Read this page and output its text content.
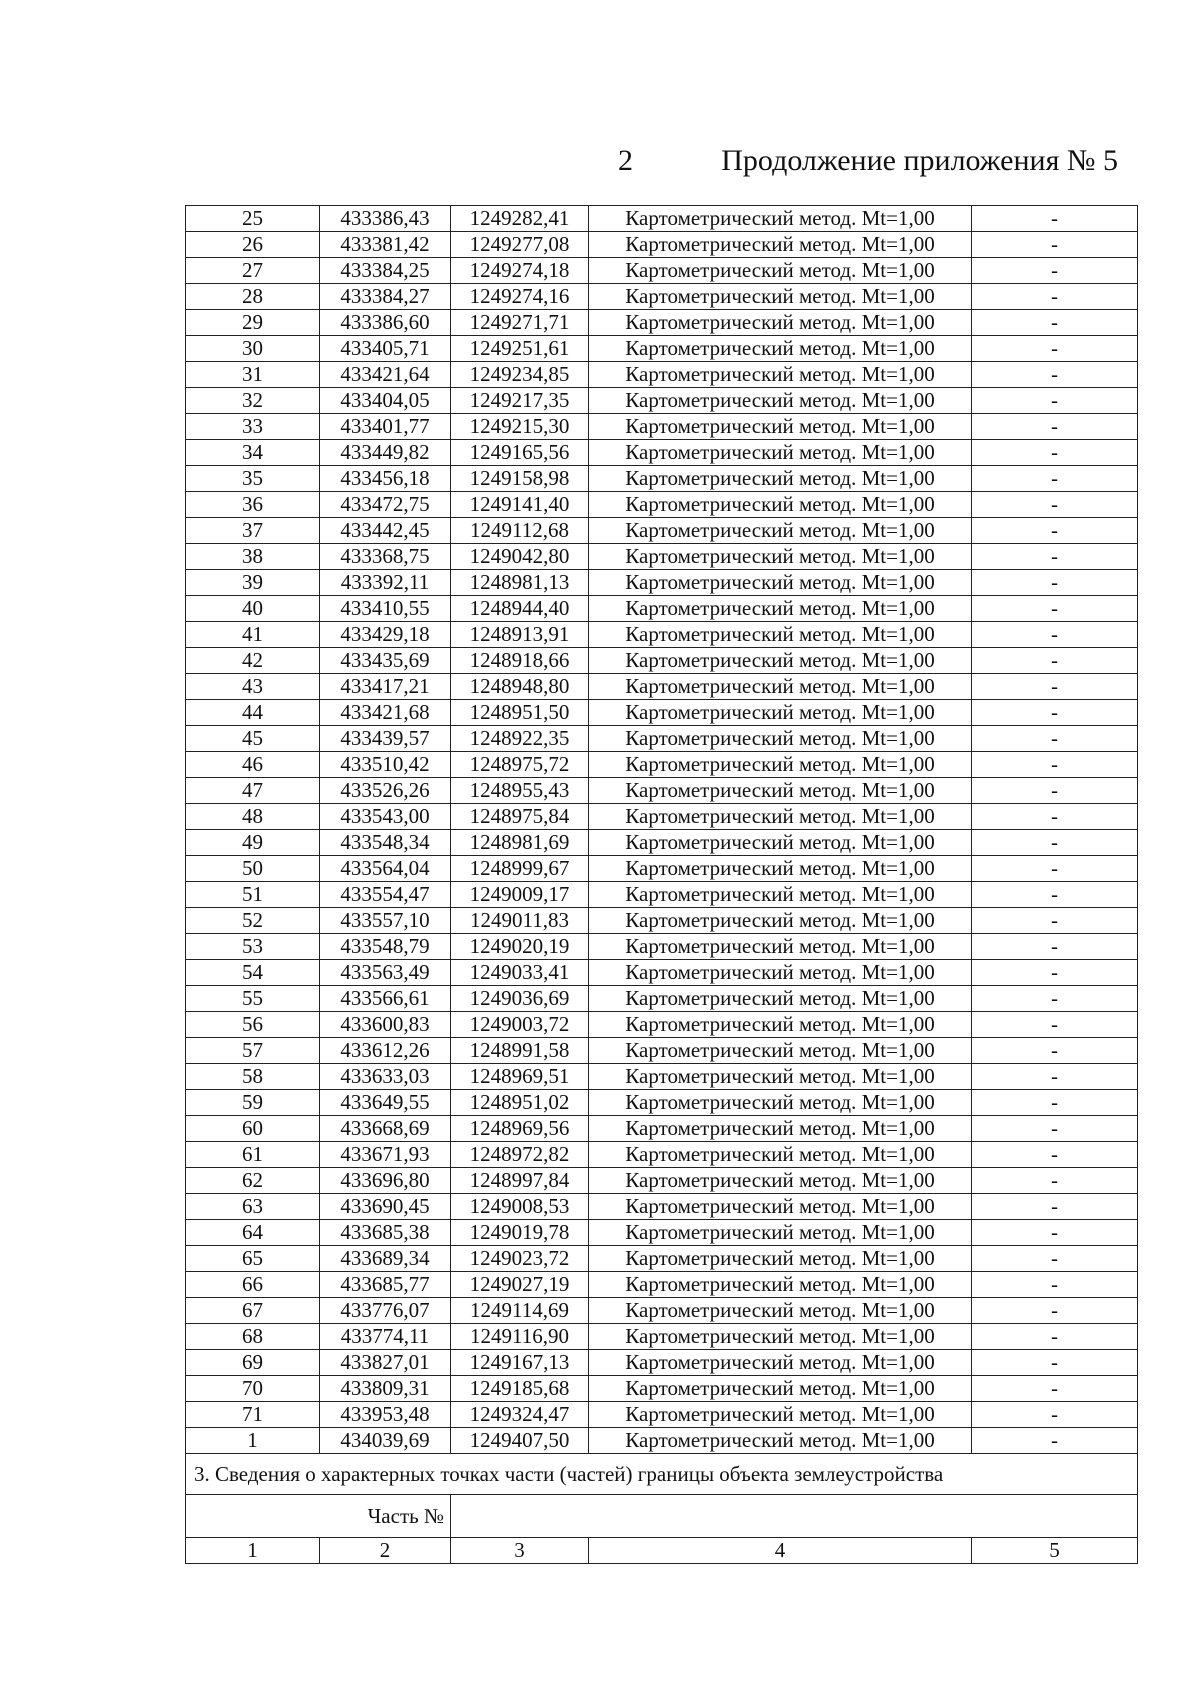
2	Продолжение приложения № 5
25	433386,43	1249282,41	Картометрический метод. Mt=1,00	-
26	433381,42	1249277,08	Картометрический метод. Mt=1,00	-
27	433384,25	1249274,18	Картометрический метод. Mt=1,00	-
28	433384,27	1249274,16	Картометрический метод. Mt=1,00	-
29	433386,60	1249271,71	Картометрический метод. Mt=1,00	-
30	433405,71	1249251,61	Картометрический метод. Mt=1,00	-
31	433421,64	1249234,85	Картометрический метод. Mt=1,00	-
32	433404,05	1249217,35	Картометрический метод. Mt=1,00	-
33	433401,77	1249215,30	Картометрический метод. Mt=1,00	-
34	433449,82	1249165,56	Картометрический метод. Mt=1,00	-
35	433456,18	1249158,98	Картометрический метод. Mt=1,00	-
36	433472,75	1249141,40	Картометрический метод. Mt=1,00	-
37	433442,45	1249112,68	Картометрический метод. Mt=1,00	-
38	433368,75	1249042,80	Картометрический метод. Mt=1,00	-
39	433392,11	1248981,13	Картометрический метод. Mt=1,00	-
40	433410,55	1248944,40	Картометрический метод. Mt=1,00	-
41	433429,18	1248913,91	Картометрический метод. Mt=1,00	-
42	433435,69	1248918,66	Картометрический метод. Mt=1,00	-
43	433417,21	1248948,80	Картометрический метод. Mt=1,00	-
44	433421,68	1248951,50	Картометрический метод. Mt=1,00	-
45	433439,57	1248922,35	Картометрический метод. Mt=1,00	-
46	433510,42	1248975,72	Картометрический метод. Mt=1,00	-
47	433526,26	1248955,43	Картометрический метод. Mt=1,00	-
48	433543,00	1248975,84	Картометрический метод. Mt=1,00	-
49	433548,34	1248981,69	Картометрический метод. Mt=1,00	-
50	433564,04	1248999,67	Картометрический метод. Mt=1,00	-
51	433554,47	1249009,17	Картометрический метод. Mt=1,00	-
52	433557,10	1249011,83	Картометрический метод. Mt=1,00	-
53	433548,79	1249020,19	Картометрический метод. Mt=1,00	-
54	433563,49	1249033,41	Картометрический метод. Mt=1,00	-
55	433566,61	1249036,69	Картометрический метод. Mt=1,00	-
56	433600,83	1249003,72	Картометрический метод. Mt=1,00	-
57	433612,26	1248991,58	Картометрический метод. Mt=1,00	-
58	433633,03	1248969,51	Картометрический метод. Mt=1,00	-
59	433649,55	1248951,02	Картометрический метод. Mt=1,00	-
60	433668,69	1248969,56	Картометрический метод. Mt=1,00	-
61	433671,93	1248972,82	Картометрический метод. Mt=1,00	-
62	433696,80	1248997,84	Картометрический метод. Mt=1,00	-
63	433690,45	1249008,53	Картометрический метод. Mt=1,00	-
64	433685,38	1249019,78	Картометрический метод. Mt=1,00	-
65	433689,34	1249023,72	Картометрический метод. Mt=1,00	-
66	433685,77	1249027,19	Картометрический метод. Mt=1,00	-
67	433776,07	1249114,69	Картометрический метод. Mt=1,00	-
68	433774,11	1249116,90	Картометрический метод. Mt=1,00	-
69	433827,01	1249167,13	Картометрический метод. Mt=1,00	-
70	433809,31	1249185,68	Картометрический метод. Mt=1,00	-
71	433953,48	1249324,47	Картометрический метод. Mt=1,00	-
1	434039,69	1249407,50	Картометрический метод. Mt=1,00	-
3. Сведения о характерных точках части (частей) границы объекта землеустройства				
Часть №				
1	2	3	4	5
